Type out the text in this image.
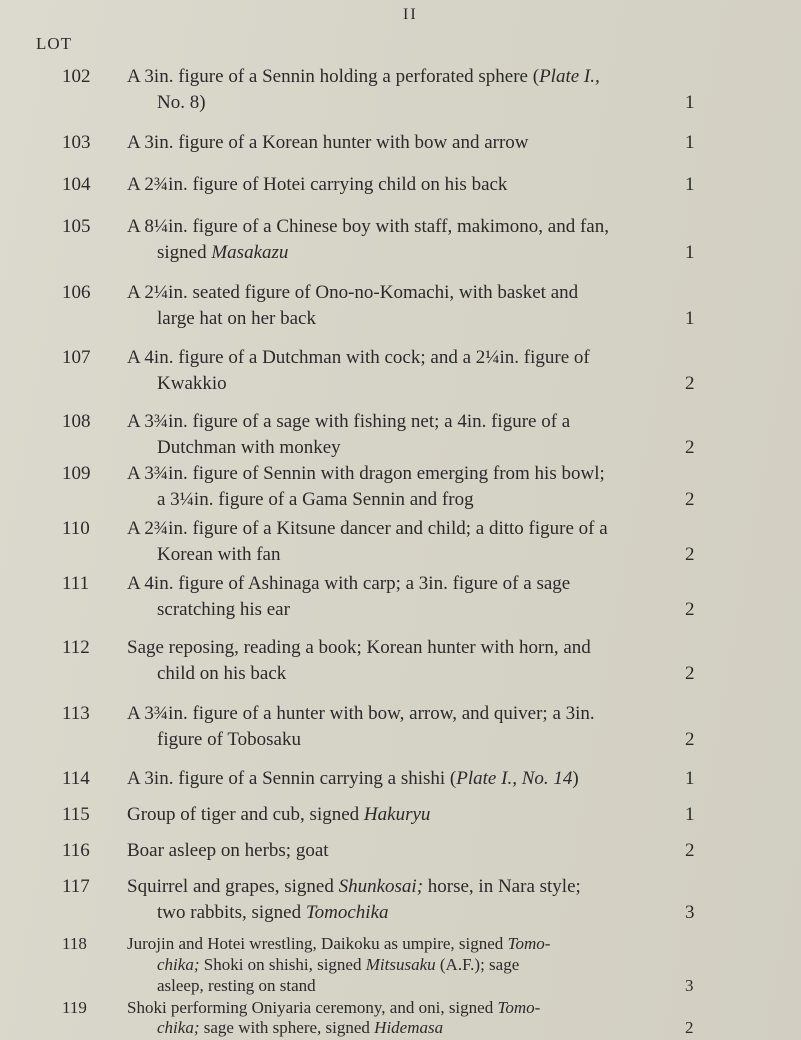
II
LOT
102 A 3in. figure of a Sennin holding a perforated sphere (Plate I.,
No. 8)	1
103 A 3in. figure of a Korean hunter with bow and arrow	1
104 A 2¾in. figure of Hotei carrying child on his back	1
105 A 8¼in. figure of a Chinese boy with staff, makimono, and fan,
signed Masakazu	1
106 A 2¼in. seated figure of Ono-no-Komachi, with basket and
large hat on her back	1
107 A 4in. figure of a Dutchman with cock; and a 2¼in. figure of
Kwakkio	2
108 A 3¾in. figure of a sage with fishing net; a 4in. figure of a
Dutchman with monkey	2
109 A 3¾in. figure of Sennin with dragon emerging from his bowl;
a 3¼in. figure of a Gama Sennin and frog	2
110 A 2¾in. figure of a Kitsune dancer and child; a ditto figure of a
Korean with fan	2
111 A 4in. figure of Ashinaga with carp; a 3in. figure of a sage
scratching his ear	2
112 Sage reposing, reading a book; Korean hunter with horn, and
child on his back	2
113 A 3¾in. figure of a hunter with bow, arrow, and quiver; a 3in.
figure of Tobosaku	2
114 A 3in. figure of a Sennin carrying a shishi (Plate I., No. 14)	1
115 Group of tiger and cub, signed Hakuryu	1
116 Boar asleep on herbs; goat	2
117 Squirrel and grapes, signed Shunkosai; horse, in Nara style;
two rabbits, signed Tomochika	3
118 Jurojin and Hotei wrestling, Daikoku as umpire, signed Tomo-
chika; Shoki on shishi, signed Mitsusaku (A.F.); sage
asleep, resting on stand	3
119 Shoki performing Oniyaria ceremony, and oni, signed Tomo-
chika; sage with sphere, signed Hidemasa	2
